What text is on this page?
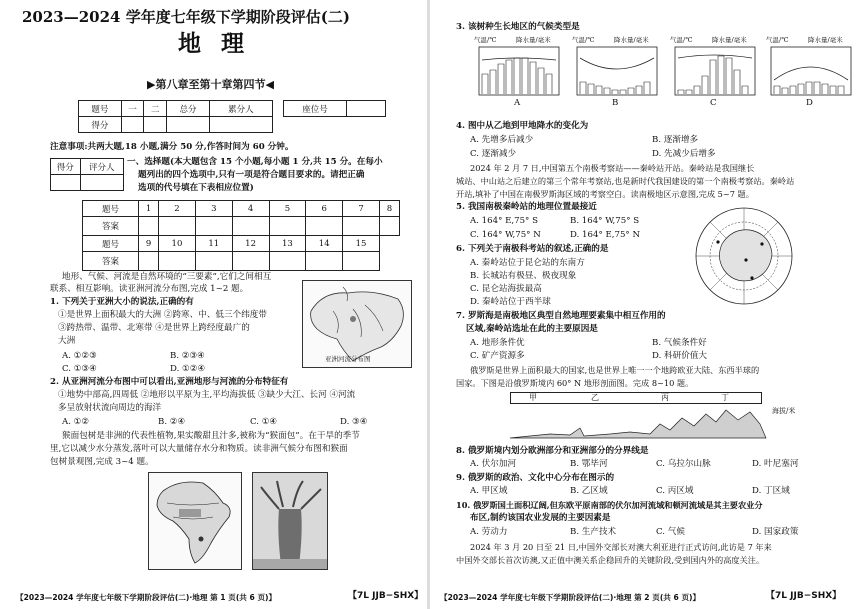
2023—2024 学年度七年级下学期阶段评估(二)
地 理
▶第八章至第十章第四节◀
题号	一	二	总分	累分人		座位号	
得分							
注意事项:共两大题,18 小题,满分 50 分,作答时间为 60 分钟。
得分	评分人

一、选择题(本大题包含 15 个小题,每小题 1 分,共 15 分。在每小
题列出的四个选项中,只有一项是符合题目要求的。请把正确
选项的代号填在下表相应位置)
题号	1	2	3	4	5	6	7	8
答案								
题号	9	10	11	12	13	14	15	
答案								
地形、气候、河流是自然环境的“三要素”,它们之间相互
联系、相互影响。读亚洲河流分布图,完成 1~2 题。
亚洲河流分布图
1. 下列关于亚洲大小的说法,正确的有
①是世界上面积最大的大洲 ②跨寒、中、低三个纬度带
③跨热带、温带、北寒带 ④是世界上跨经度最广的
大洲
A. ①②③	B. ②③④
C. ①③④	D. ①②④
2. 从亚洲河流分布图中可以看出,亚洲地形与河流的分布特征有
①地势中部高,四周低 ②地形以平原为主,平均海拔低 ③缺少大江、长河 ④河流
多呈放射状流向周边的海洋
A. ①②	B. ②④	C. ①④	D. ③④
猴面包树是非洲的代表性植物,果实酸甜且汁多,被称为“猴面包”。在干旱的季节
里,它以减少水分蒸发,落叶可以大量储存水分和物质。读非洲气候分布图和猴面
包树景观图,完成 3~4 题。
【2023—2024 学年度七年级下学期阶段评估(二)·地理 第 1 页(共 6 页)】	【7L JJB−SHX】
3. 该树种生长地区的气候类型是
气温/℃	降水量/毫米
A
气温/℃	降水量/毫米
B
气温/℃	降水量/毫米
C
气温/℃	降水量/毫米
D
4. 图中从乙地到甲地降水的变化为
A. 先增多后减少	B. 逐渐增多
C. 逐渐减少	D. 先减少后增多
2024 年 2 月 7 日,中国第五个南极考察站——秦岭站开站。秦岭站是我国继长
城站、中山站之后建立的第三个常年考察站,也是新时代我国建设的第一个南极考察站。秦岭站
开站,填补了中国在南极罗斯海区域的考察空白。读南极地区示意图,完成 5~7 题。
5. 我国南极秦岭站的地理位置最接近
A. 164° E,75° S	B. 164° W,75° S
C. 164° W,75° N	D. 164° E,75° N
6. 下列关于南极科考站的叙述,正确的是
A. 秦岭站位于昆仑站的东南方
B. 长城站有极昼、极夜现象
C. 昆仑站海拔最高
D. 秦岭站位于西半球
7. 罗斯海是南极地区典型自然地理要素集中相互作用的
区域,秦岭站选址在此的主要原因是
A. 地形条件优	B. 气候条件好
C. 矿产资源多	D. 科研价值大
俄罗斯是世界上面积最大的国家,也是世界上唯一一个地跨欧亚大陆、东西半球的
国家。下图是沿俄罗斯境内 60° N 地形剖面图。完成 8~10 题。
甲	乙	丙	丁
海拔/米
8. 俄罗斯境内划分欧洲部分和亚洲部分的分界线是
A. 伏尔加河	B. 鄂毕河	C. 乌拉尔山脉	D. 叶尼塞河
9. 俄罗斯的政治、文化中心分布在图示的
A. 甲区域	B. 乙区域	C. 丙区域	D. 丁区域
10. 俄罗斯国土面积辽阔,但东欧平原南部的伏尔加河流域和顿河流域是其主要农业分
布区,制约该国农业发展的主要因素是
A. 劳动力	B. 生产技术	C. 气候	D. 国家政策
2024 年 3 月 20 日至 21 日,中国外交部长对澳大利亚进行正式访问,此访是 7 年来
中国外交部长首次访澳,又正值中澳关系企稳回升的关键阶段,受到国内外的高度关注。
【2023—2024 学年度七年级下学期阶段评估(二)·地理 第 2 页(共 6 页)】	【7L JJB−SHX】
